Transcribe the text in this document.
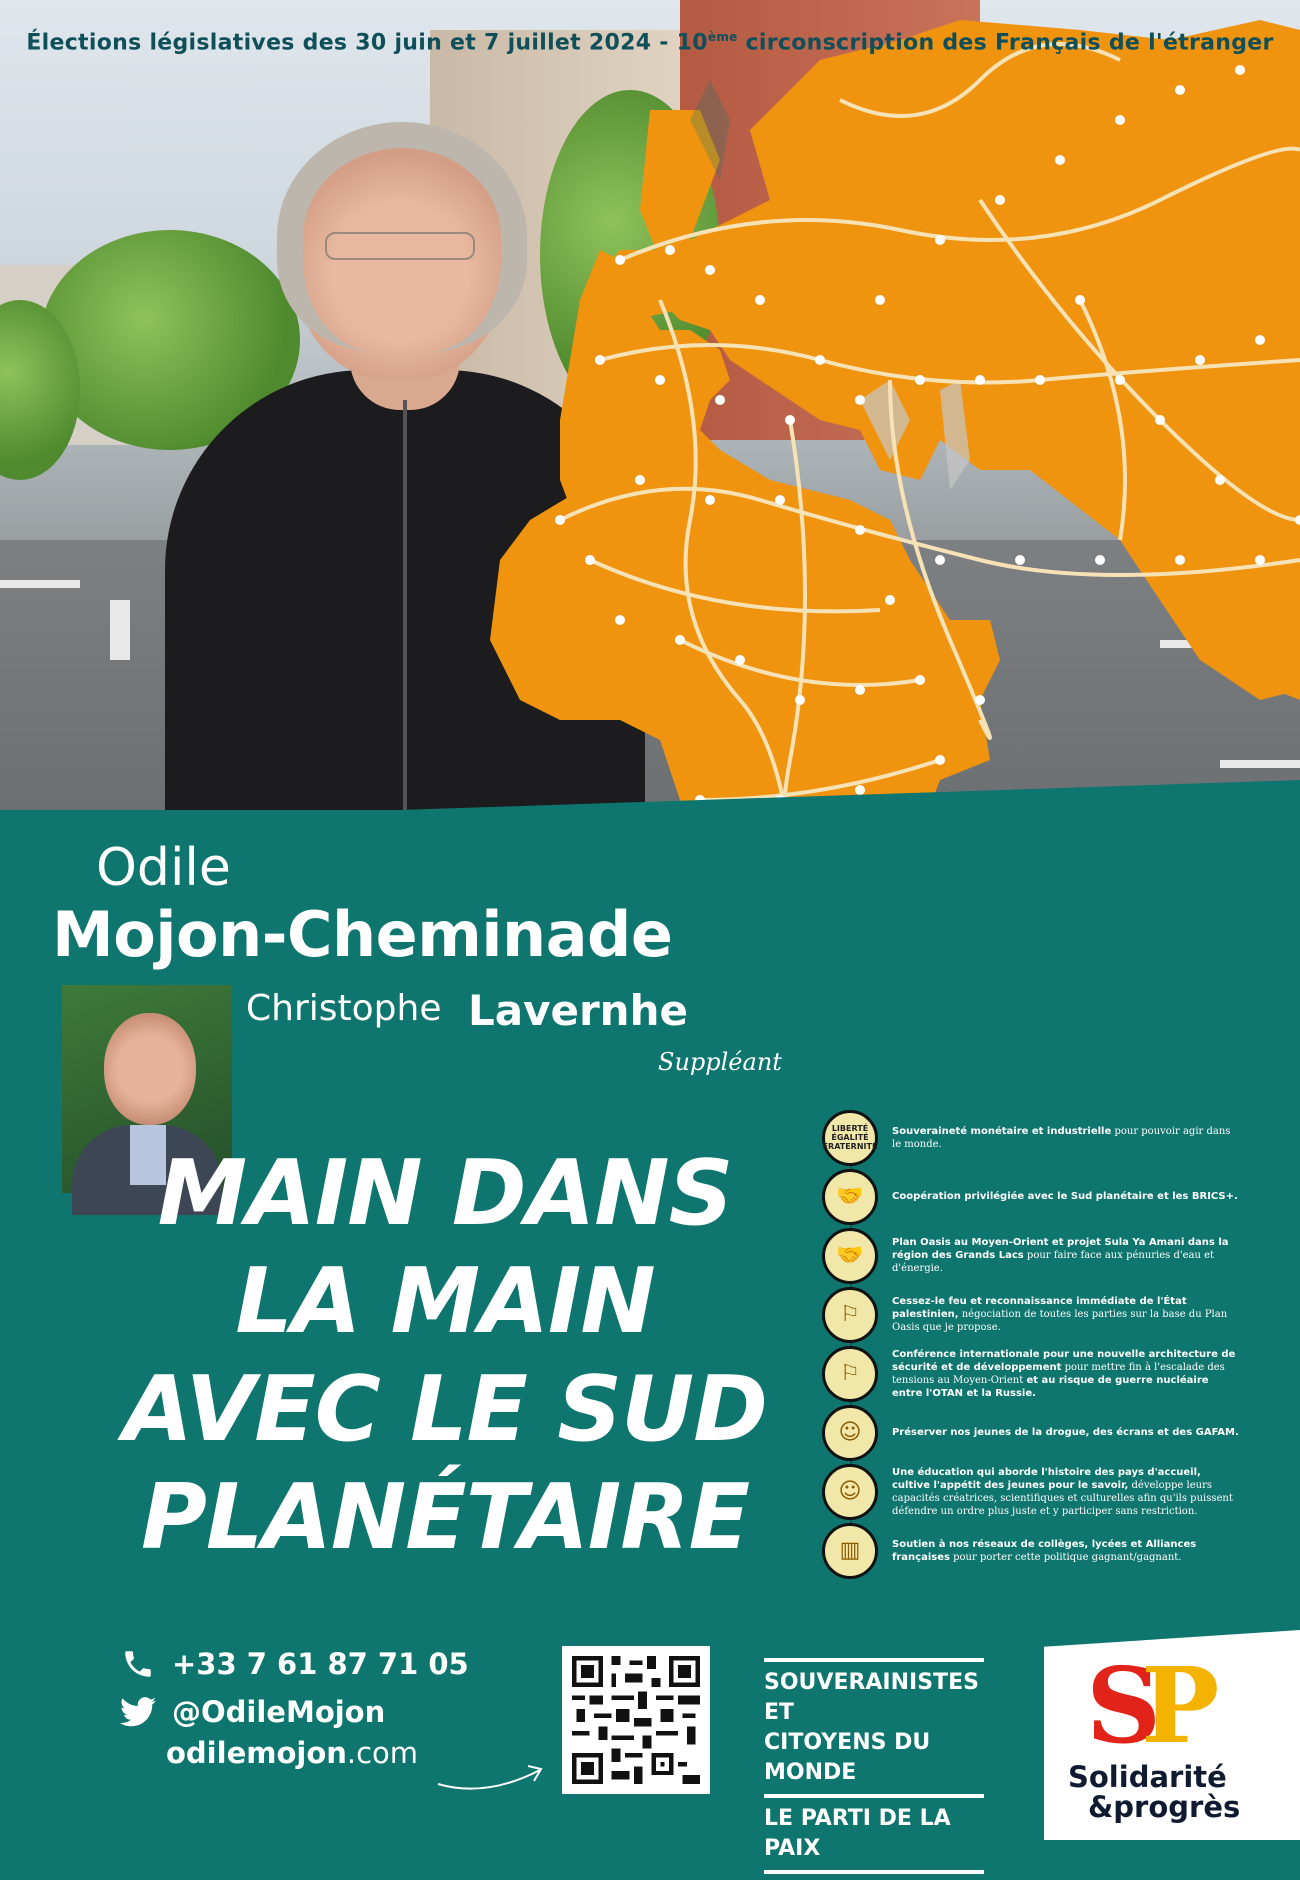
Élections législatives des 30 juin et 7 juillet 2024 - 10ème circonscription des Français de l'étranger
Odile
Mojon-Cheminade
Christophe Lavernhe
Suppléant
MAIN DANS
LA MAIN
AVEC LE SUD
PLANÉTAIRE
LIBERTÉ
ÉGALITÉ
FRATERNITÉ
Souveraineté monétaire et industrielle pour pouvoir agir dans le monde.
🤝	Coopération privilégiée avec le Sud planétaire et les BRICS+.
🤝
Plan Oasis au Moyen-Orient et projet Sula Ya Amani dans la région des Grands Lacs pour faire face aux pénuries d'eau et d'énergie.
⚐
Cessez-le feu et reconnaissance immédiate de l'État palestinien, négociation de toutes les parties sur la base du Plan Oasis que je propose.
⚐
Conférence internationale pour une nouvelle architecture de sécurité et de développement pour mettre fin à l'escalade des tensions au Moyen-Orient et au risque de guerre nucléaire entre l'OTAN et la Russie.
☺	Préserver nos jeunes de la drogue, des écrans et des GAFAM.
☺
Une éducation qui aborde l'histoire des pays d'accueil, cultive l'appétit des jeunes pour le savoir, développe leurs capacités créatrices, scientifiques et culturelles afin qu'ils puissent défendre un ordre plus juste et y participer sans restriction.
▥	Soutien à nos réseaux de collèges, lycées et Alliances françaises pour porter cette politique gagnant/gagnant.
+33 7 61 87 71 05
@OdileMojon
odilemojon.com
SOUVERAINISTES ET
CITOYENS DU MONDE
LE PARTI DE LA PAIX
SP
Solidarité
&progrès
